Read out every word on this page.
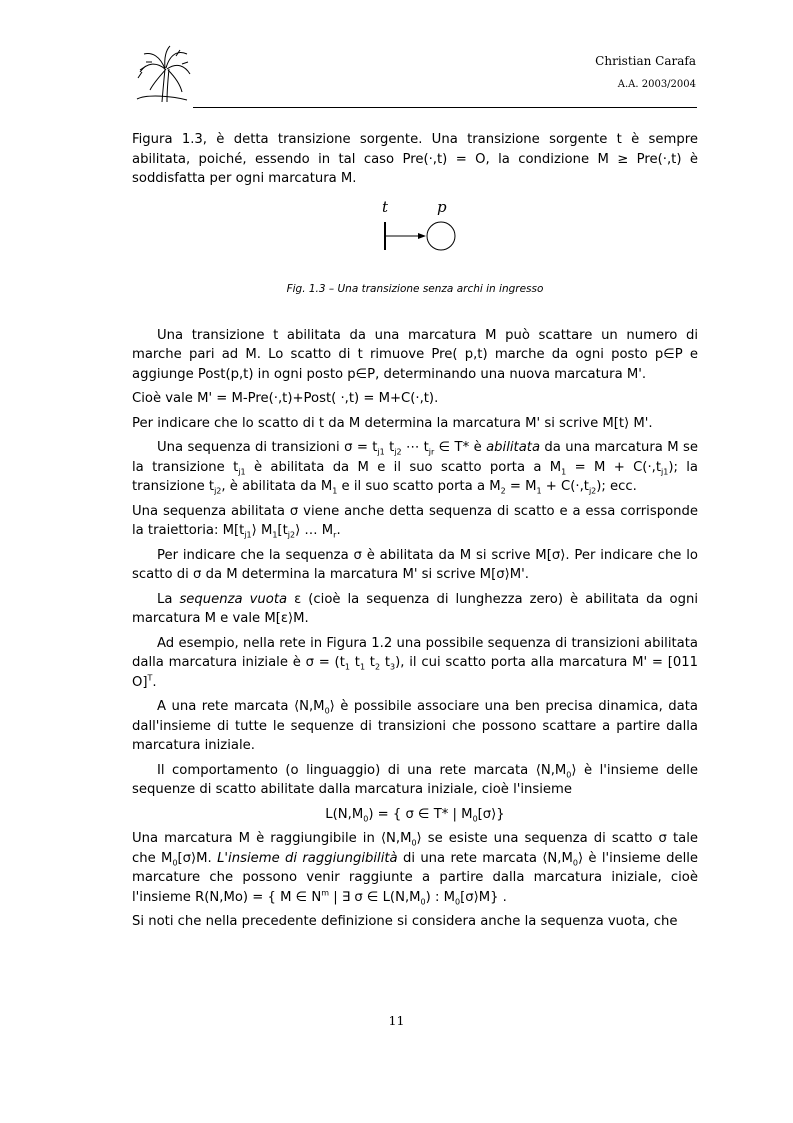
Christian Carafa
A.A. 2003/2004

Figura 1.3, è detta transizione sorgente. Una transizione sorgente t è sempre abilitata, poiché, essendo in tal caso Pre(·,t) = O, la condizione M ≥ Pre(·,t) è soddisfatta per ogni marcatura M.

t	p

Fig. 1.3 – Una transizione senza archi in ingresso

Una transizione t abilitata da una marcatura M può scattare un numero di marche pari ad M. Lo scatto di t rimuove Pre( p,t) marche da ogni posto p∈P e aggiunge Post(p,t) in ogni posto p∈P, determinando una nuova marcatura M'.

Cioè vale M' = M-Pre(·,t)+Post( ·,t) = M+C(·,t).

Per indicare che lo scatto di t da M determina la marcatura M' si scrive M[t⟩ M'.

Una sequenza di transizioni $\sigma = t_{j1}$ $t_{j2}$ ⋯ $t_{jr}$ ∈ T* è abilitata da una marcatura M se la transizione $t_{j1}$ è abilitata da M e il suo scatto porta a $M_1 = M + C(\cdot,t_{j1})$; la transizione $t_{j2}$, è abilitata da $M_1$ e il suo scatto porta a $M_2 = M_1 + C(\cdot,t_{j2})$; ecc.

Una sequenza abilitata σ viene anche detta sequenza di scatto e a essa corrisponde la traiettoria: $M[t_{j1}⟩$ $M_1[t_{j2}⟩$ … $M_r$.

Per indicare che la sequenza σ è abilitata da M si scrive M[σ⟩. Per indicare che lo scatto di σ da M determina la marcatura M' si scrive M[σ⟩M'.

La sequenza vuota ε (cioè la sequenza di lunghezza zero) è abilitata da ogni marcatura M e vale M[ε⟩M.

Ad esempio, nella rete in Figura 1.2 una possibile sequenza di transizioni abilitata dalla marcatura iniziale è $\sigma = (t_1$ $t_1$ $t_2$ $t_3$), il cui scatto porta alla marcatura M' = [011 O]$^T$.

A una rete marcata $⟨N,M_0⟩$ è possibile associare una ben precisa dinamica, data dall'insieme di tutte le sequenze di transizioni che possono scattare a partire dalla marcatura iniziale.

Il comportamento (o linguaggio) di una rete marcata $⟨N,M_0⟩$ è l'insieme delle sequenze di scatto abilitate dalla marcatura iniziale, cioè l'insieme

$L(N,M_0)$ = { σ ∈ T* | $M_0[\sigma⟩\}$

Una marcatura M è raggiungibile in $⟨N,M_0⟩$ se esiste una sequenza di scatto σ tale che $M_0[\sigma⟩M$. L'insieme di raggiungibilità di una rete marcata $⟨N,M_0⟩$ è l'insieme delle marcature che possono venir raggiunte a partire dalla marcatura iniziale, cioè l'insieme R(N,Mo) = { M ∈ $N^m$ | ∃ σ ∈ $L(N,M_0)$ : $M_0[\sigma⟩M\}$ .

Si noti che nella precedente definizione si considera anche la sequenza vuota, che

11
